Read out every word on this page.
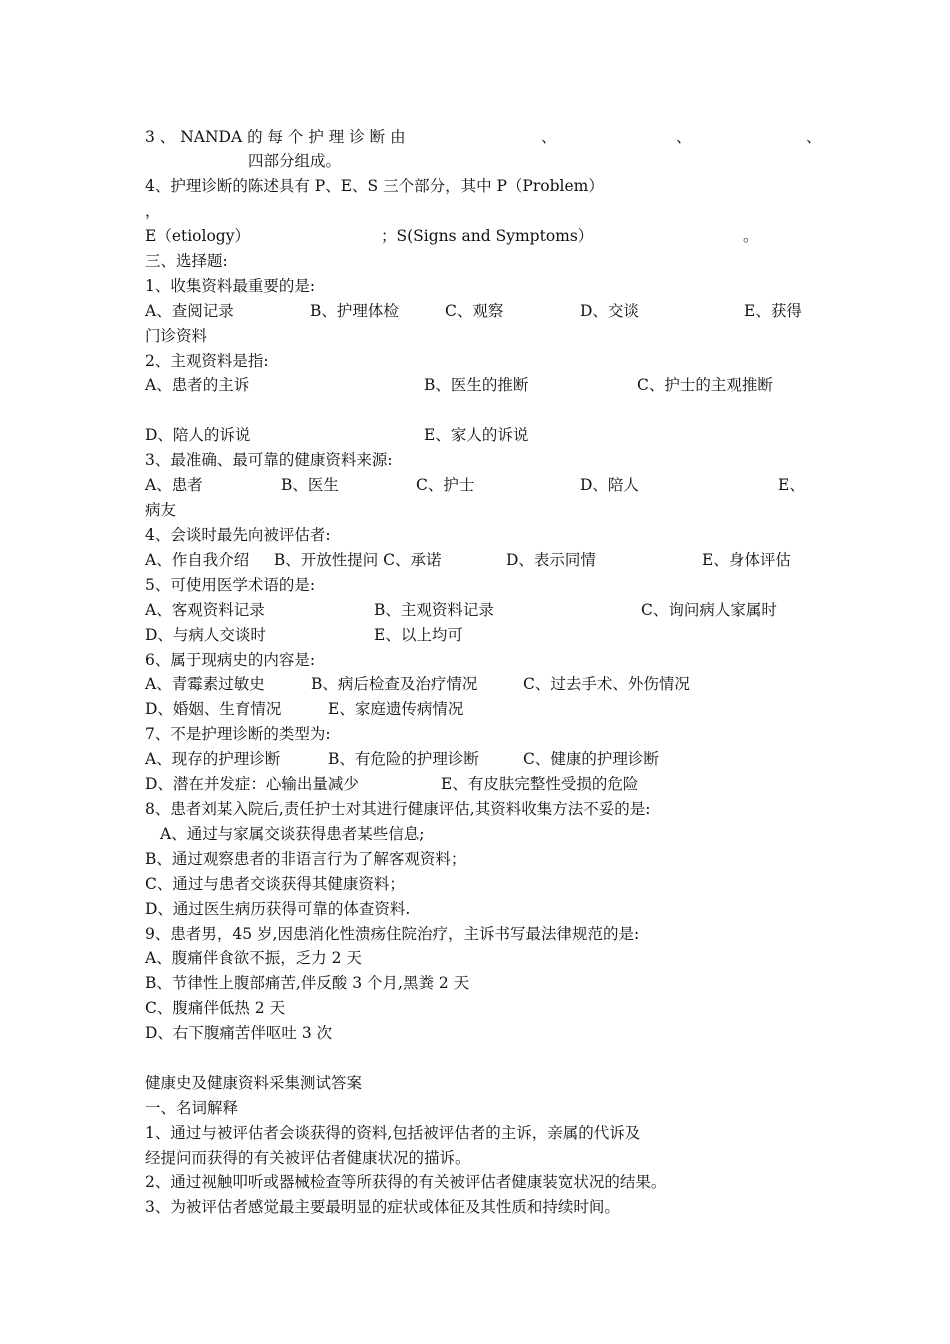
3 、 NANDA 的 每 个 护 理 诊 断 由	、	、	、
四部分组成。
4、护理诊断的陈述具有 P、E、S 三个部分，其中 P（Problem）
，
E（etiology）	；S(Signs and Symptoms）	。
三、选择题:
1、收集资料最重要的是:
A、查阅记录	B、护理体检	C、观察	D、交谈	E、获得
门诊资料
2、主观资料是指:
A、患者的主诉	B、医生的推断	C、护士的主观推断
D、陪人的诉说	E、家人的诉说
3、最准确、最可靠的健康资料来源:
A、患者	B、医生	C、护士	D、陪人	E、
病友
4、会谈时最先向被评估者:
A、作自我介绍     B、开放性提问 C、承诺	D、表示同情	E、身体评估
5、可使用医学术语的是:
A、客观资料记录	B、主观资料记录	C、询问病人家属时
D、与病人交谈时	E、以上均可
6、属于现病史的内容是:
A、青霉素过敏史	B、病后检查及治疗情况	C、过去手术、外伤情况
D、婚姻、生育情况	E、家庭遗传病情况
7、不是护理诊断的类型为:
A、现存的护理诊断	B、有危险的护理诊断	C、健康的护理诊断
D、潜在并发症：心输出量减少	E、有皮肤完整性受损的危险
8、患者刘某入院后,责任护士对其进行健康评估,其资料收集方法不妥的是:
A、通过与家属交谈获得患者某些信息;
B、通过观察患者的非语言行为了解客观资料；
C、通过与患者交谈获得其健康资料；
D、通过医生病历获得可靠的体查资料.
9、患者男，45 岁,因患消化性溃疡住院治疗，主诉书写最法律规范的是:
A、腹痛伴食欲不振，乏力 2 天
B、节律性上腹部痛苦,伴反酸 3 个月,黑粪 2 天
C、腹痛伴低热 2 天
D、右下腹痛苦伴呕吐 3 次
健康史及健康资料采集测试答案
一、名词解释
1、通过与被评估者会谈获得的资料,包括被评估者的主诉，亲属的代诉及
经提问而获得的有关被评估者健康状况的描诉。
2、通过视触叩听或器械检查等所获得的有关被评估者健康装宽状况的结果。
3、为被评估者感觉最主要最明显的症状或体征及其性质和持续时间。
